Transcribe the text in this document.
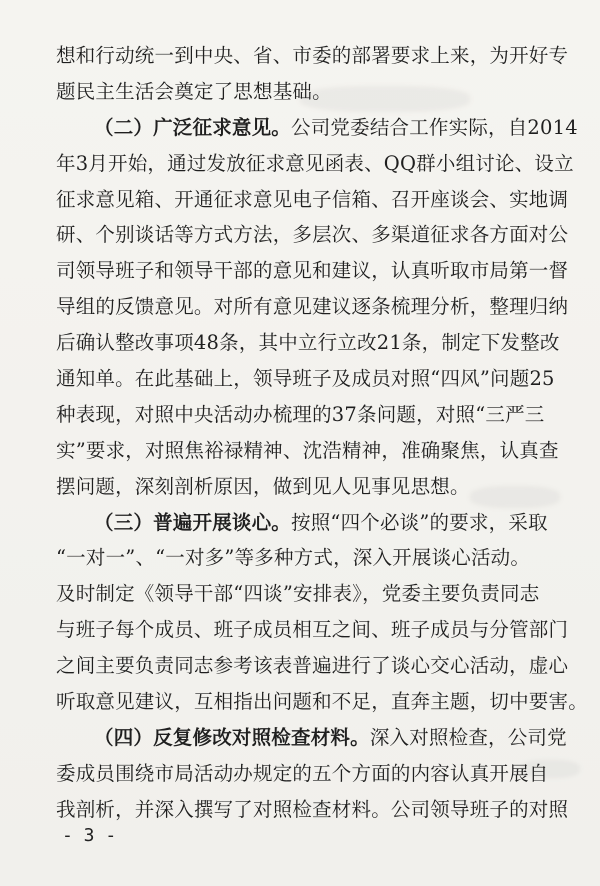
想和行动统一到中央、省、市委的部署要求上来，为开好专
题民主生活会奠定了思想基础。
（二）广泛征求意见。公司党委结合工作实际，自2014
年3月开始，通过发放征求意见函表、QQ群小组讨论、设立
征求意见箱、开通征求意见电子信箱、召开座谈会、实地调
研、个别谈话等方式方法，多层次、多渠道征求各方面对公
司领导班子和领导干部的意见和建议，认真听取市局第一督
导组的反馈意见。对所有意见建议逐条梳理分析，整理归纳
后确认整改事项48条，其中立行立改21条，制定下发整改
通知单。在此基础上，领导班子及成员对照“四风”问题25
种表现，对照中央活动办梳理的37条问题，对照“三严三
实”要求，对照焦裕禄精神、沈浩精神，准确聚焦，认真查
摆问题，深刻剖析原因，做到见人见事见思想。
（三）普遍开展谈心。按照“四个必谈”的要求，采取
“一对一”、“一对多”等多种方式，深入开展谈心活动。
及时制定《领导干部“四谈”安排表》，党委主要负责同志
与班子每个成员、班子成员相互之间、班子成员与分管部门
之间主要负责同志参考该表普遍进行了谈心交心活动，虚心
听取意见建议，互相指出问题和不足，直奔主题，切中要害。
（四）反复修改对照检查材料。深入对照检查，公司党
委成员围绕市局活动办规定的五个方面的内容认真开展自
我剖析，并深入撰写了对照检查材料。公司领导班子的对照
- 3 -
